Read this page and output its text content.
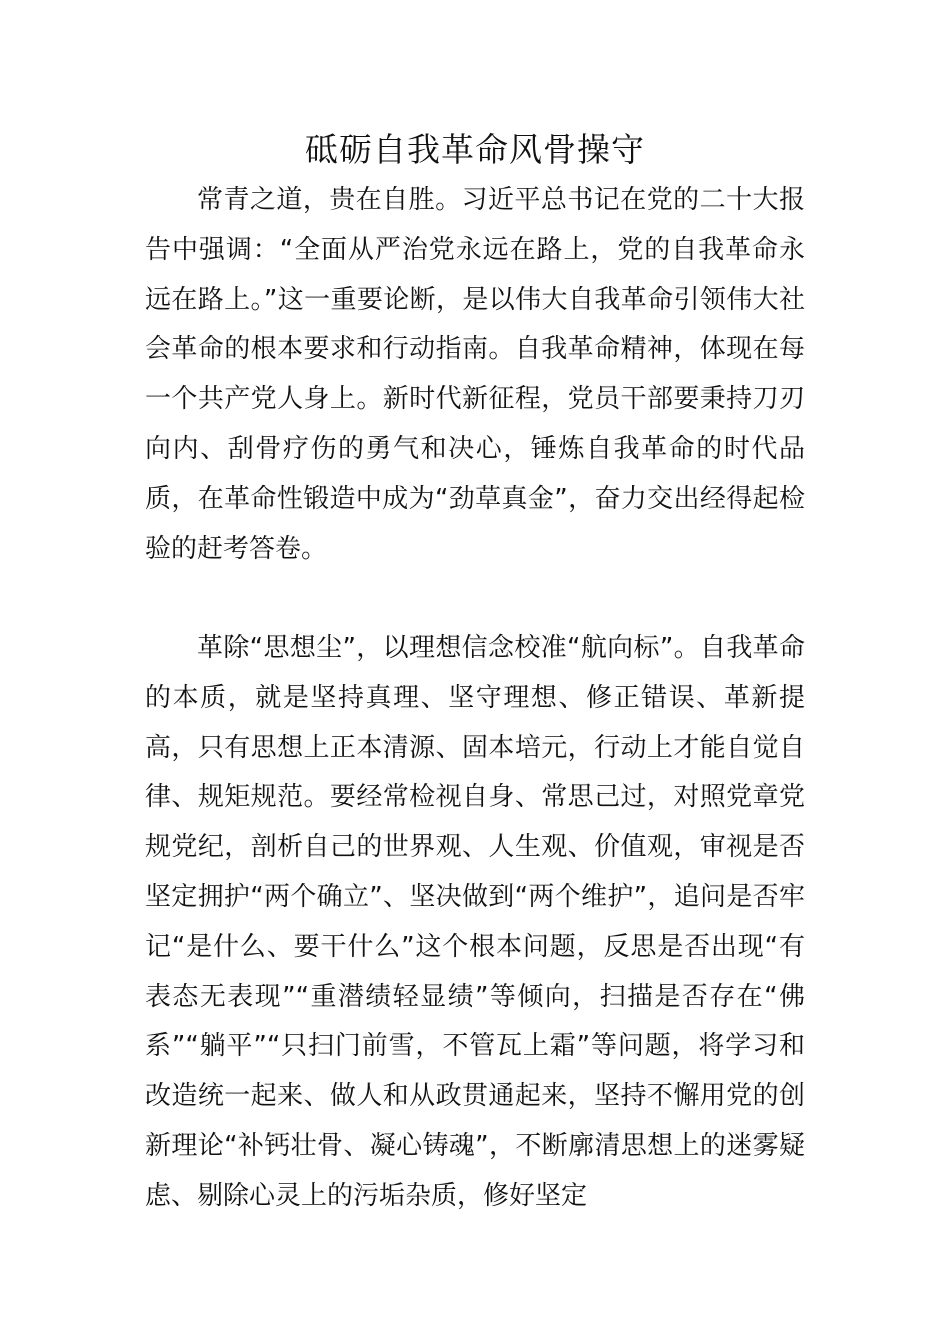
砥砺自我革命风骨操守

常青之道，贵在自胜。习近平总书记在党的二十大报告中强调：“全面从严治党永远在路上，党的自我革命永远在路上。”这一重要论断，是以伟大自我革命引领伟大社会革命的根本要求和行动指南。自我革命精神，体现在每一个共产党人身上。新时代新征程，党员干部要秉持刀刃向内、刮骨疗伤的勇气和决心，锤炼自我革命的时代品质，在革命性锻造中成为“劲草真金”，奋力交出经得起检验的赶考答卷。

革除“思想尘”，以理想信念校准“航向标”。自我革命的本质，就是坚持真理、坚守理想、修正错误、革新提高，只有思想上正本清源、固本培元，行动上才能自觉自律、规矩规范。要经常检视自身、常思己过，对照党章党规党纪，剖析自己的世界观、人生观、价值观，审视是否坚定拥护“两个确立”、坚决做到“两个维护”，追问是否牢记“是什么、要干什么”这个根本问题，反思是否出现“有表态无表现”“重潜绩轻显绩”等倾向，扫描是否存在“佛系”“躺平”“只扫门前雪，不管瓦上霜”等问题，将学习和改造统一起来、做人和从政贯通起来，坚持不懈用党的创新理论“补钙壮骨、凝心铸魂”，不断廓清思想上的迷雾疑虑、剔除心灵上的污垢杂质，修好坚定
